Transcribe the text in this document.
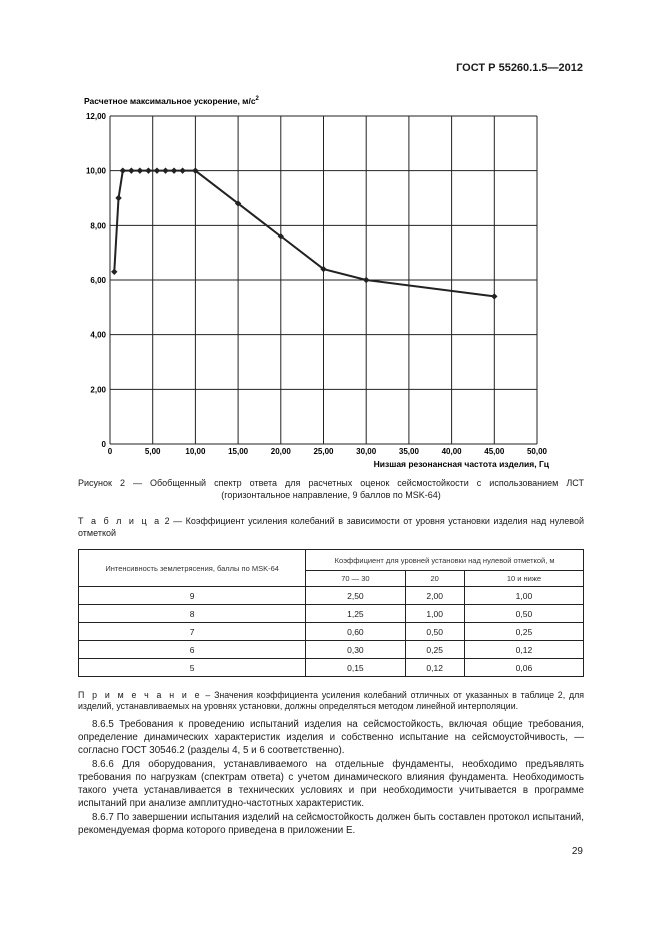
ГОСТ Р 55260.1.5—2012
Расчетное максимальное ускорение, $м/с^2$
0	5,00	10,00	15,00	20,00	25,00	30,00	35,00	40,00	45,00	50,00
0
2,00
4,00
6,00
8,00
10,00
12,00
Низшая резонансная частота изделия, Гц
Рисунок 2 — Обобщенный спектр ответа для расчетных оценок сейсмостойкости с использованием ЛСТ (горизонтальное направление, 9 баллов по MSK-64)
Т а б л и ц а 2 — Коэффициент усиления колебаний в зависимости от уровня установки изделия над нулевой отметкой
Интенсивность землетрясения, баллы по MSK-64	Коэффициент для уровней установки над нулевой отметкой, м		
	70 — 30	20	10 и ниже
9	2,50	2,00	1,00
8	1,25	1,00	0,50
7	0,60	0,50	0,25
6	0,30	0,25	0,12
5	0,15	0,12	0,06
П р и м е ч а н и е – Значения коэффициента усиления колебаний отличных от указанных в таблице 2, для изделий, устанавливаемых на уровнях установки, должны определяться методом линейной интерполяции.

8.6.5 Требования к проведению испытаний изделия на сейсмостойкость, включая общие требования, определение динамических характеристик изделия и собственно испытание на сейсмоустойчивость, — согласно ГОСТ 30546.2 (разделы 4, 5 и 6 соответственно).

8.6.6 Для оборудования, устанавливаемого на отдельные фундаменты, необходимо предъявлять требования по нагрузкам (спектрам ответа) с учетом динамического влияния фундамента. Необходимость такого учета устанавливается в технических условиях и при необходимости учитывается в программе испытаний при анализе амплитудно-частотных характеристик.

8.6.7 По завершении испытания изделий на сейсмостойкость должен быть составлен протокол испытаний, рекомендуемая форма которого приведена в приложении Е.

29
